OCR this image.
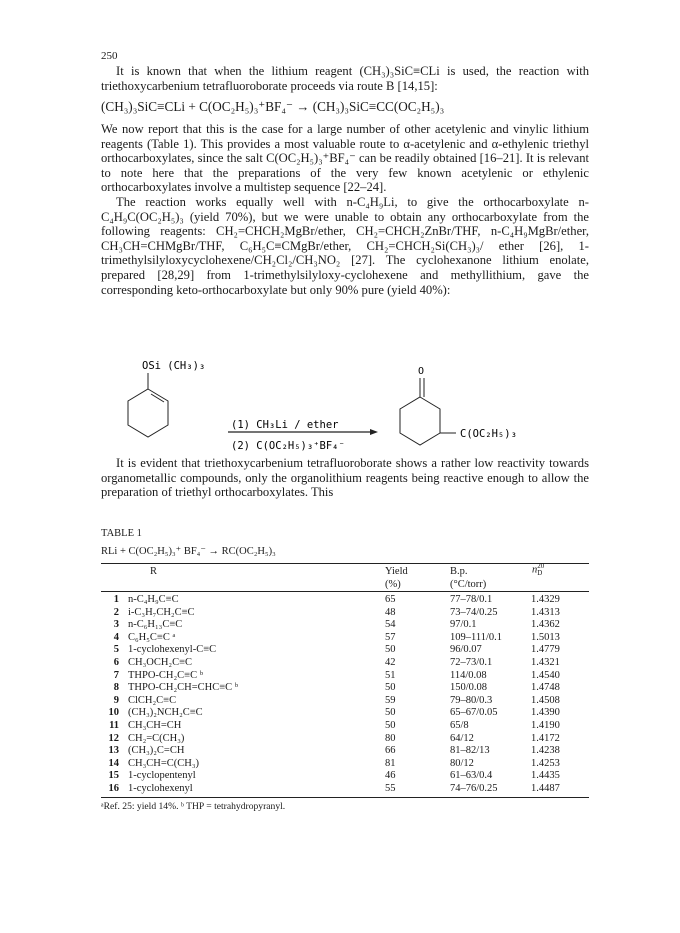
250

It is known that when the lithium reagent (CH₃)₃SiC≡CLi is used, the reaction with triethoxycarbenium tetrafluoroborate proceeds via route B [14,15]:

(CH₃)₃SiC≡CLi + C(OC₂H₅)₃⁺BF₄⁻ → (CH₃)₃SiC≡CC(OC₂H₅)₃

We now report that this is the case for a large number of other acetylenic and vinylic lithium reagents (Table 1). This provides a most valuable route to α-acetylenic and α-ethylenic triethyl orthocarboxylates, since the salt C(OC₂H₅)₃⁺BF₄⁻ can be readily obtained [16–21]. It is relevant to note here that the preparations of the very few known acetylenic or ethylenic orthocarboxylates involve a multistep sequence [22–24].

The reaction works equally well with n-C₄H₉Li, to give the orthocarboxylate n-C₄H₉C(OC₂H₅)₃ (yield 70%), but we were unable to obtain any orthocarboxylate from the following reagents: CH₂=CHCH₂MgBr/ether, CH₂=CHCH₂ZnBr/THF, n-C₄H₉MgBr/ether, CH₃CH=CHMgBr/THF, C₆H₅C≡CMgBr/ether, CH₂=CHCH₂Si(CH₃)₃/ ether [26], 1-trimethylsilyloxycyclohexene/CH₂Cl₂/CH₃NO₂ [27]. The cyclohexanone lithium enolate, prepared [28,29] from 1-trimethylsilyloxy-cyclohexene and methyllithium, gave the corresponding keto-orthocarboxylate but only 90% pure (yield 40%):

OSi (CH₃)₃
(1) CH₃Li / ether
(2) C(OC₂H₅)₃⁺BF₄⁻
O
C(OC₂H₅)₃

It is evident that triethoxycarbenium tetrafluoroborate shows a rather low reactivity towards organometallic compounds, only the organolithium reagents being reactive enough to allow the preparation of triethyl orthocarboxylates. This

TABLE 1
RLi + C(OC₂H₅)₃⁺ BF₄⁻ → RC(OC₂H₅)₃
R	Yield
(%)
B.p.
(°C/torr)
n 20
D
1 n-C₄H₉C≡C	65	77–78/0.1	1.4329
2 i-C₃H₇CH₂C≡C	48	73–74/0.25	1.4313
3 n-C₆H₁₃C≡C	54	97/0.1	1.4362
4 C₆H₅C≡C ᵃ	57	109–111/0.1	1.5013
5 1-cyclohexenyl-C≡C	50	96/0.07	1.4779
6 CH₃OCH₂C≡C	42	72–73/0.1	1.4321
7 THPO-CH₂C≡C ᵇ	51	114/0.08	1.4540
8 THPO-CH₂CH=CHC≡C ᵇ	50	150/0.08	1.4748
9 ClCH₂C≡C	59	79–80/0.3	1.4508
10 (CH₃)₂NCH₂C≡C	50	65–67/0.05	1.4390
11 CH₃CH=CH	50	65/8	1.4190
12 CH₂=C(CH₃)	80	64/12	1.4172
13 (CH₃)₂C=CH	66	81–82/13	1.4238
14 CH₃CH=C(CH₃)	81	80/12	1.4253
15 1-cyclopentenyl	46	61–63/0.4	1.4435
16 1-cyclohexenyl	55	74–76/0.25	1.4487
ᵃRef. 25: yield 14%. ᵇ THP = tetrahydropyranyl.
